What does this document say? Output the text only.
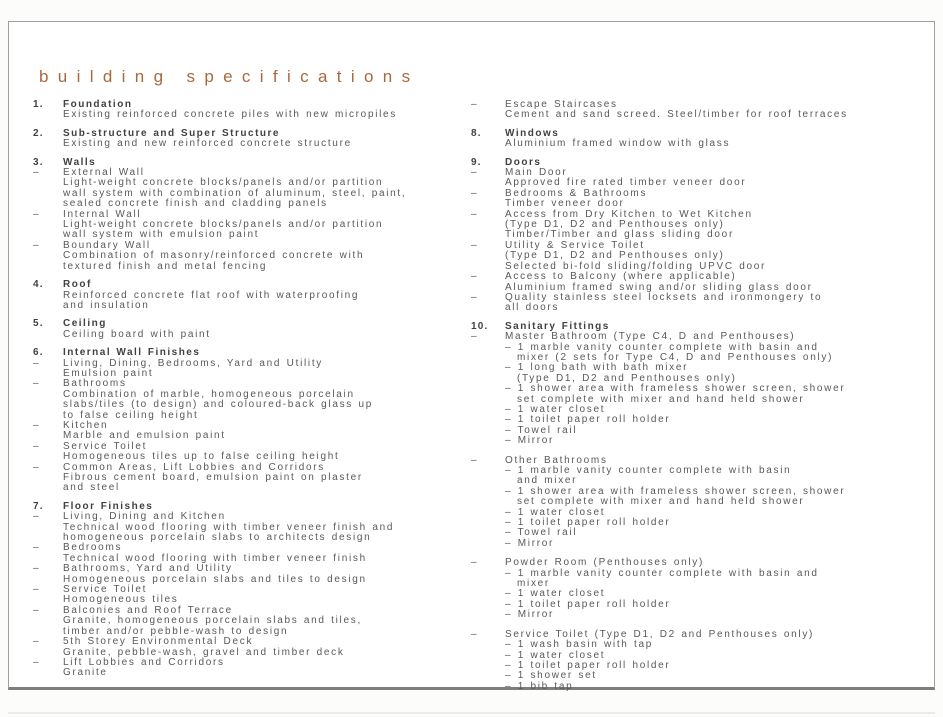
building specifications
1.	Foundation
Existing reinforced concrete piles with new micropiles
2.	Sub-structure and Super Structure
Existing and new reinforced concrete structure
3.	Walls
–	External Wall
Light-weight concrete blocks/panels and/or partition
wall system with combination of aluminum, steel, paint,
sealed concrete finish and cladding panels
–	Internal Wall
Light-weight concrete blocks/panels and/or partition
wall system with emulsion paint
–	Boundary Wall
Combination of masonry/reinforced concrete with
textured finish and metal fencing
4.	Roof
Reinforced concrete flat roof with waterproofing
and insulation
5.	Ceiling
Ceiling board with paint
6.	Internal Wall Finishes
–	Living, Dining, Bedrooms, Yard and Utility
Emulsion paint
–	Bathrooms
Combination of marble, homogeneous porcelain
slabs/tiles (to design) and coloured-back glass up
to false ceiling height
–	Kitchen
Marble and emulsion paint
–	Service Toilet
Homogeneous tiles up to false ceiling height
–	Common Areas, Lift Lobbies and Corridors
Fibrous cement board, emulsion paint on plaster
and steel
7.	Floor Finishes
–	Living, Dining and Kitchen
Technical wood flooring with timber veneer finish and
homogeneous porcelain slabs to architects design
–	Bedrooms
Technical wood flooring with timber veneer finish
–	Bathrooms, Yard and Utility
Homogeneous porcelain slabs and tiles to design
–	Service Toilet
Homogeneous tiles
–	Balconies and Roof Terrace
Granite, homogeneous porcelain slabs and tiles,
timber and/or pebble-wash to design
–	5th Storey Environmental Deck
Granite, pebble-wash, gravel and timber deck
–	Lift Lobbies and Corridors
Granite
–	Escape Staircases
Cement and sand screed. Steel/timber for roof terraces
8.	Windows
Aluminium framed window with glass
9.	Doors
–	Main Door
Approved fire rated timber veneer door
–	Bedrooms & Bathrooms
Timber veneer door
–	Access from Dry Kitchen to Wet Kitchen
(Type D1, D2 and Penthouses only)
Timber/Timber and glass sliding door
–	Utility & Service Toilet
(Type D1, D2 and Penthouses only)
Selected bi-fold sliding/folding UPVC door
–	Access to Balcony (where applicable)
Aluminium framed swing and/or sliding glass door
–	Quality stainless steel locksets and ironmongery to
all doors
10.	Sanitary Fittings
–	Master Bathroom (Type C4, D and Penthouses)
– 1 marble vanity counter complete with basin and
mixer (2 sets for Type C4, D and Penthouses only)
– 1 long bath with bath mixer
(Type D1, D2 and Penthouses only)
– 1 shower area with frameless shower screen, shower
set complete with mixer and hand held shower
– 1 water closet
– 1 toilet paper roll holder
– Towel rail
– Mirror
–	Other Bathrooms
– 1 marble vanity counter complete with basin
and mixer
– 1 shower area with frameless shower screen, shower
set complete with mixer and hand held shower
– 1 water closet
– 1 toilet paper roll holder
– Towel rail
– Mirror
–	Powder Room (Penthouses only)
– 1 marble vanity counter complete with basin and
mixer
– 1 water closet
– 1 toilet paper roll holder
– Mirror
–	Service Toilet (Type D1, D2 and Penthouses only)
– 1 wash basin with tap
– 1 water closet
– 1 toilet paper roll holder
– 1 shower set
– 1 bib tap
